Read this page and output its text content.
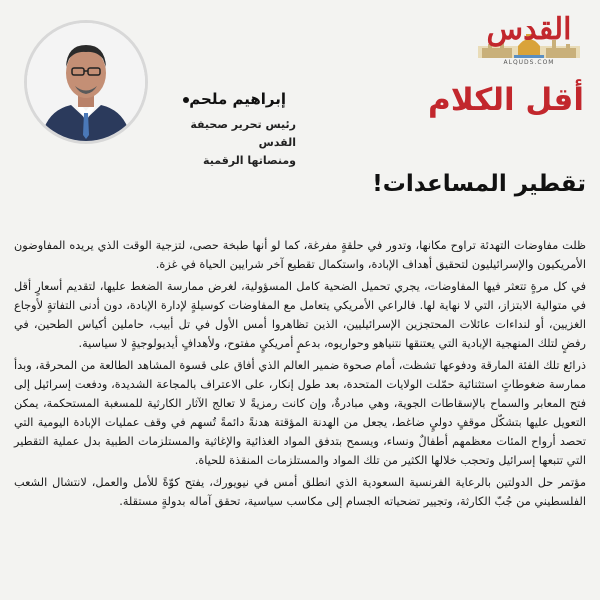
القدس
ALQUDS.COM
أقل الكلام
إبراهيم ملحم
رئيس تحرير صحيفة القدس
ومنصاتها الرقمية
تقطير المساعدات!

ظلت مفاوضات التهدئة تراوح مكانها، وتدور في حلقةٍ مفرغة، كما لو أنها طبخة حصى، لتزجية الوقت الذي يريده المفاوضون الأمريكيون والإسرائيليون لتحقيق أهداف الإبادة، واستكمال تقطيع آخر شرايين الحياة في غزة.

في كل مرةٍ تتعثر فيها المفاوضات، يجري تحميل الضحية كامل المسؤولية، لغرض ممارسة الضغط عليها، لتقديم أسعارٍ أقل في متوالية الابتزاز، التي لا نهاية لها. فالراعي الأمريكي يتعامل مع المفاوضات كوسيلةٍ لإدارة الإبادة، دون أدنى التفاتةٍ لأوجاع الغزيين، أو لنداءات عائلات المحتجزين الإسرائيليين، الذين تظاهروا أمس الأول في تل أبيب، حاملين أكياس الطحين، في رفضٍ لتلك المنهجية الإبادية التي يعتنقها نتنياهو وحواريوه، بدعمٍ أمريكيٍ مفتوح، ولأهدافٍ أيديولوجيةٍ لا سياسية.

ذرائع تلك الفئة المارقة ودفوعها تشظت، أمام صحوة ضمير العالم الذي أفاق على قسوة المشاهد الطالعة من المحرقة، وبدأ ممارسة ضغوطاتٍ استثنائية حمّلت الولايات المتحدة، بعد طول إنكار، على الاعتراف بالمجاعة الشديدة، ودفعت إسرائيل إلى فتح المعابر والسماح بالإسقاطات الجوية، وهي مبادرةٌ، وإن كانت رمزيةً لا تعالج الآثار الكارثية للمسغبة المستحكمة، يمكن التعويل عليها بتشكّل موقفٍ دوليٍ ضاغط، يجعل من الهدنة المؤقتة هدنةً دائمةً تُسهم في وقف عمليات الإبادة اليومية التي تحصد أرواح المئات معظمهم أطفالٌ ونساء، ويسمح بتدفق المواد الغذائية والإغاثية والمستلزمات الطبية بدل عملية التقطير التي تتبعها إسرائيل وتحجب خلالها الكثير من تلك المواد والمستلزمات المنقذة للحياة.

مؤتمر حل الدولتين بالرعاية الفرنسية السعودية الذي انطلق أمس في نيويورك، يفتح كوّةً للأمل والعمل، لانتشال الشعب الفلسطيني من جُبّ الكارثة، وتجيير تضحياته الجسام إلى مكاسب سياسية، تحقق آماله بدولةٍ مستقلة.
